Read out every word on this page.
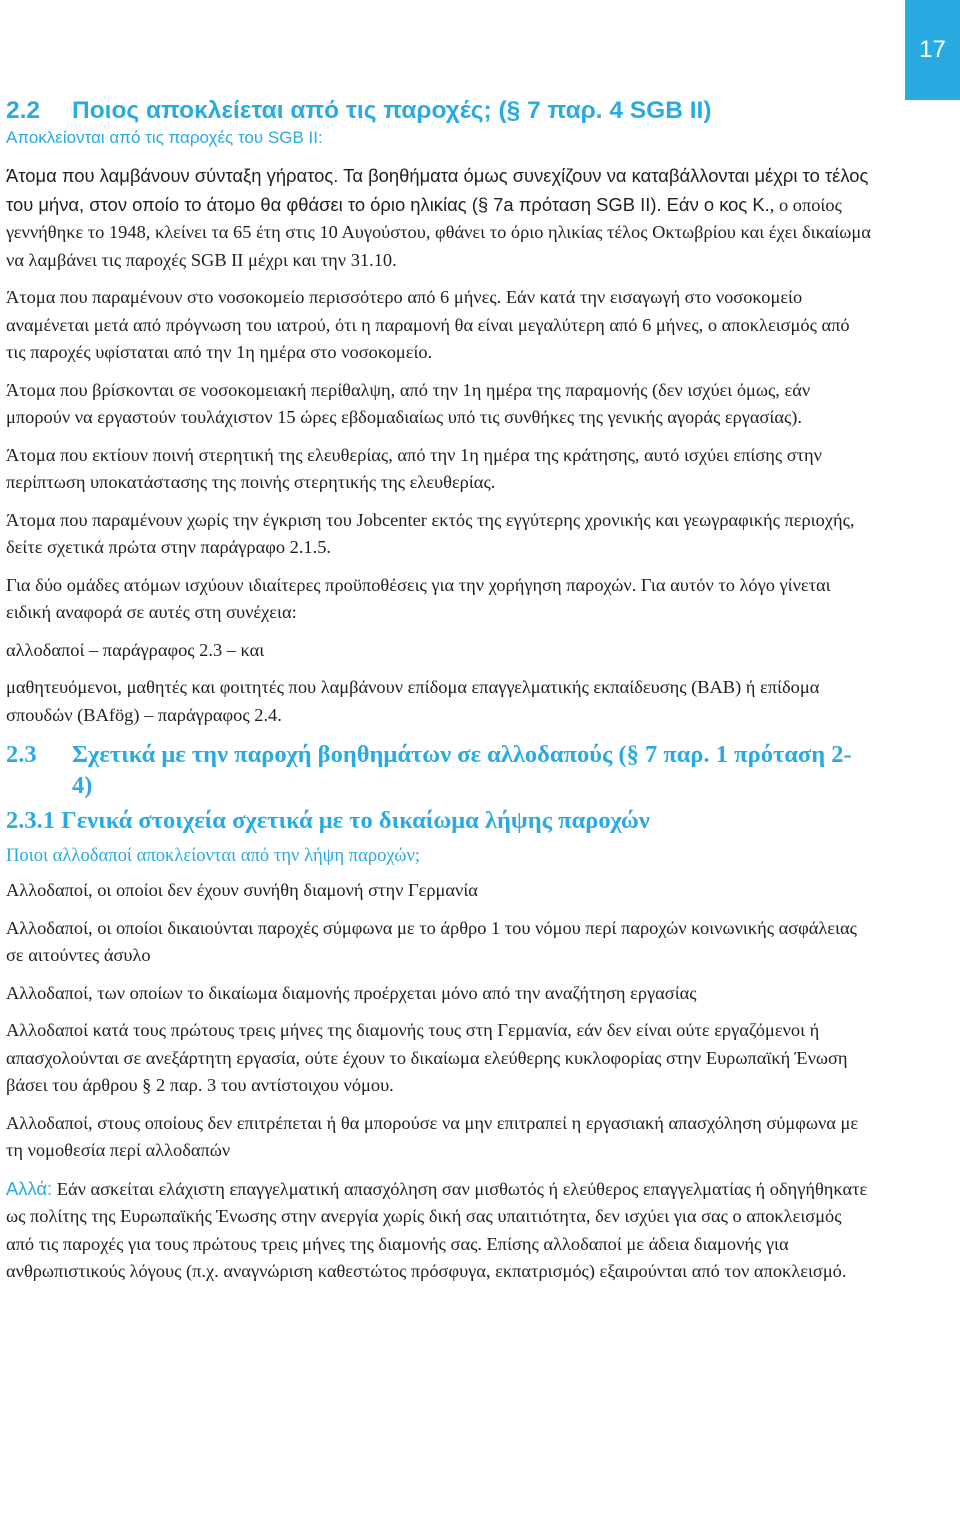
17
2.2	Ποιος αποκλείεται από τις παροχές; (§ 7 παρ. 4 SGB II)
Αποκλείονται από τις παροχές του SGB II:

Άτομα που λαμβάνουν σύνταξη γήρατος. Τα βοηθήματα όμως συνεχίζουν να καταβάλλονται μέχρι το τέλος του μήνα, στον οποίο το άτομο θα φθάσει το όριο ηλικίας (§ 7a πρόταση SGB II). Εάν ο κος K., ο οποίος γεννήθηκε το 1948, κλείνει τα 65 έτη στις 10 Αυγούστου, φθάνει το όριο ηλικίας τέλος Οκτωβρίου και έχει δικαίωμα να λαμβάνει τις παροχές SGB II μέχρι και την 31.10.

Άτομα που παραμένουν στο νοσοκομείο περισσότερο από 6 μήνες. Εάν κατά την εισαγωγή στο νοσοκομείο αναμένεται μετά από πρόγνωση του ιατρού, ότι η παραμονή θα είναι μεγαλύτερη από 6 μήνες, ο αποκλεισμός από τις παροχές υφίσταται από την 1η ημέρα στο νοσοκομείο.

Άτομα που βρίσκονται σε νοσοκομειακή περίθαλψη, από την 1η ημέρα της παραμονής (δεν ισχύει όμως, εάν μπορούν να εργαστούν τουλάχιστον 15 ώρες εβδομαδιαίως υπό τις συνθήκες της γενικής αγοράς εργασίας).

Άτομα που εκτίουν ποινή στερητική της ελευθερίας, από την 1η ημέρα της κράτησης, αυτό ισχύει επίσης στην περίπτωση υποκατάστασης της ποινής στερητικής της ελευθερίας.

Άτομα που παραμένουν χωρίς την έγκριση του Jobcenter εκτός της εγγύτερης χρονικής και γεωγραφικής περιοχής, δείτε σχετικά πρώτα στην παράγραφο 2.1.5.

Για δύο ομάδες ατόμων ισχύουν ιδιαίτερες προϋποθέσεις για την χορήγηση παροχών. Για αυτόν το λόγο γίνεται ειδική αναφορά σε αυτές στη συνέχεια:

αλλοδαποί – παράγραφος 2.3 – και

μαθητευόμενοι, μαθητές και φοιτητές που λαμβάνουν επίδομα επαγγελματικής εκπαίδευσης (BAB) ή επίδομα σπουδών (BAfög) – παράγραφος 2.4.

2.3	Σχετικά με την παροχή βοηθημάτων σε αλλοδαπούς (§ 7 παρ. 1 πρόταση 2-4)
2.3.1 Γενικά στοιχεία σχετικά με το δικαίωμα λήψης παροχών
Ποιοι αλλοδαποί αποκλείονται από την λήψη παροχών;

Αλλοδαποί, οι οποίοι δεν έχουν συνήθη διαμονή στην Γερμανία

Αλλοδαποί, οι οποίοι δικαιούνται παροχές σύμφωνα με το άρθρο 1 του νόμου περί παροχών κοινωνικής ασφάλειας σε αιτούντες άσυλο

Αλλοδαποί, των οποίων το δικαίωμα διαμονής προέρχεται μόνο από την αναζήτηση εργασίας

Αλλοδαποί κατά τους πρώτους τρεις μήνες της διαμονής τους στη Γερμανία, εάν δεν είναι ούτε εργαζόμενοι ή απασχολούνται σε ανεξάρτητη εργασία, ούτε έχουν το δικαίωμα ελεύθερης κυκλοφορίας στην Ευρωπαϊκή Ένωση βάσει του άρθρου § 2 παρ. 3 του αντίστοιχου νόμου.

Αλλοδαποί, στους οποίους δεν επιτρέπεται ή θα μπορούσε να μην επιτραπεί η εργασιακή απασχόληση σύμφωνα με τη νομοθεσία περί αλλοδαπών

Αλλά: Εάν ασκείται ελάχιστη επαγγελματική απασχόληση σαν μισθωτός ή ελεύθερος επαγγελματίας ή οδηγήθηκατε ως πολίτης της Ευρωπαϊκής Ένωσης στην ανεργία χωρίς δική σας υπαιτιότητα, δεν ισχύει για σας ο αποκλεισμός από τις παροχές για τους πρώτους τρεις μήνες της διαμονής σας. Επίσης αλλοδαποί με άδεια διαμονής για ανθρωπιστικούς λόγους (π.χ. αναγνώριση καθεστώτος πρόσφυγα, εκπατρισμός) εξαιρούνται από τον αποκλεισμό.
